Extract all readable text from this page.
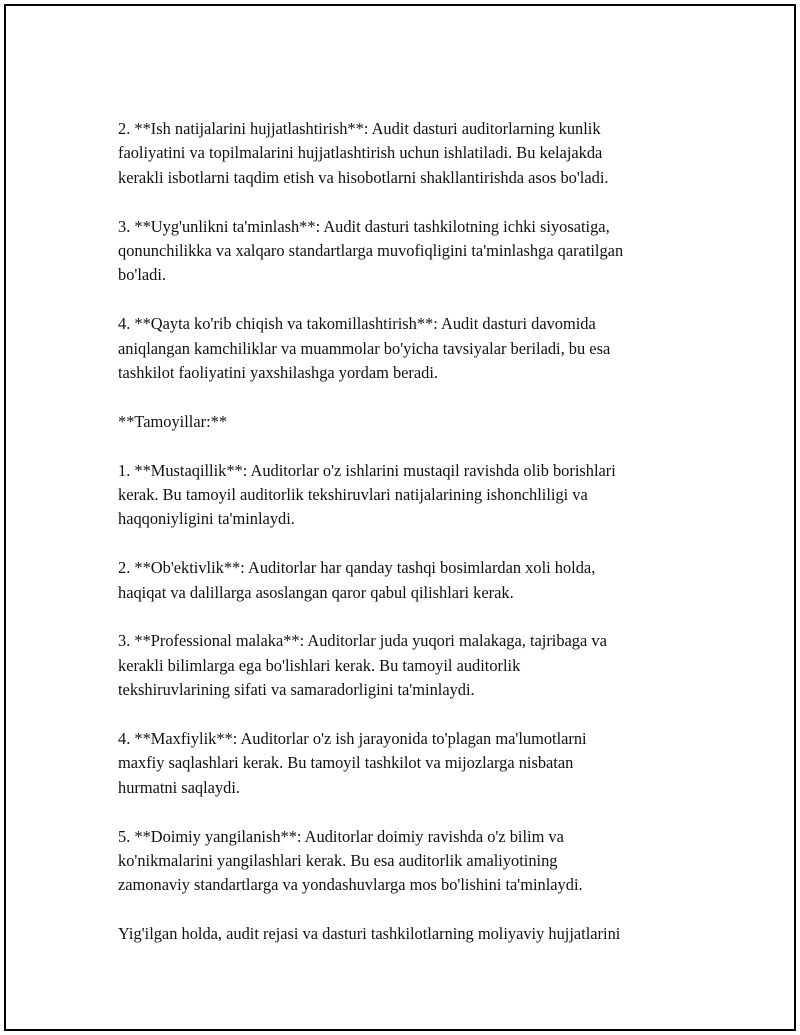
2. **Ish natijalarini hujjatlashtirish**: Audit dasturi auditorlarning kunlik
faoliyatini va topilmalarini hujjatlashtirish uchun ishlatiladi. Bu kelajakda
kerakli isbotlarni taqdim etish va hisobotlarni shakllantirishda asos bo'ladi.

3. **Uyg'unlikni ta'minlash**: Audit dasturi tashkilotning ichki siyosatiga,
qonunchilikka va xalqaro standartlarga muvofiqligini ta'minlashga qaratilgan
bo'ladi.

4. **Qayta ko'rib chiqish va takomillashtirish**: Audit dasturi davomida
aniqlangan kamchiliklar va muammolar bo'yicha tavsiyalar beriladi, bu esa
tashkilot faoliyatini yaxshilashga yordam beradi.

**Tamoyillar:**

1. **Mustaqillik**: Auditorlar o'z ishlarini mustaqil ravishda olib borishlari
kerak. Bu tamoyil auditorlik tekshiruvlari natijalarining ishonchliligi va
haqqoniyligini ta'minlaydi.

2. **Ob'ektivlik**: Auditorlar har qanday tashqi bosimlardan xoli holda,
haqiqat va dalillarga asoslangan qaror qabul qilishlari kerak.

3. **Professional malaka**: Auditorlar juda yuqori malakaga, tajribaga va
kerakli bilimlarga ega bo'lishlari kerak. Bu tamoyil auditorlik
tekshiruvlarining sifati va samaradorligini ta'minlaydi.

4. **Maxfiylik**: Auditorlar o'z ish jarayonida to'plagan ma'lumotlarni
maxfiy saqlashlari kerak. Bu tamoyil tashkilot va mijozlarga nisbatan
hurmatni saqlaydi.

5. **Doimiy yangilanish**: Auditorlar doimiy ravishda o'z bilim va
ko'nikmalarini yangilashlari kerak. Bu esa auditorlik amaliyotining
zamonaviy standartlarga va yondashuvlarga mos bo'lishini ta'minlaydi.

Yig'ilgan holda, audit rejasi va dasturi tashkilotlarning moliyaviy hujjatlarini
